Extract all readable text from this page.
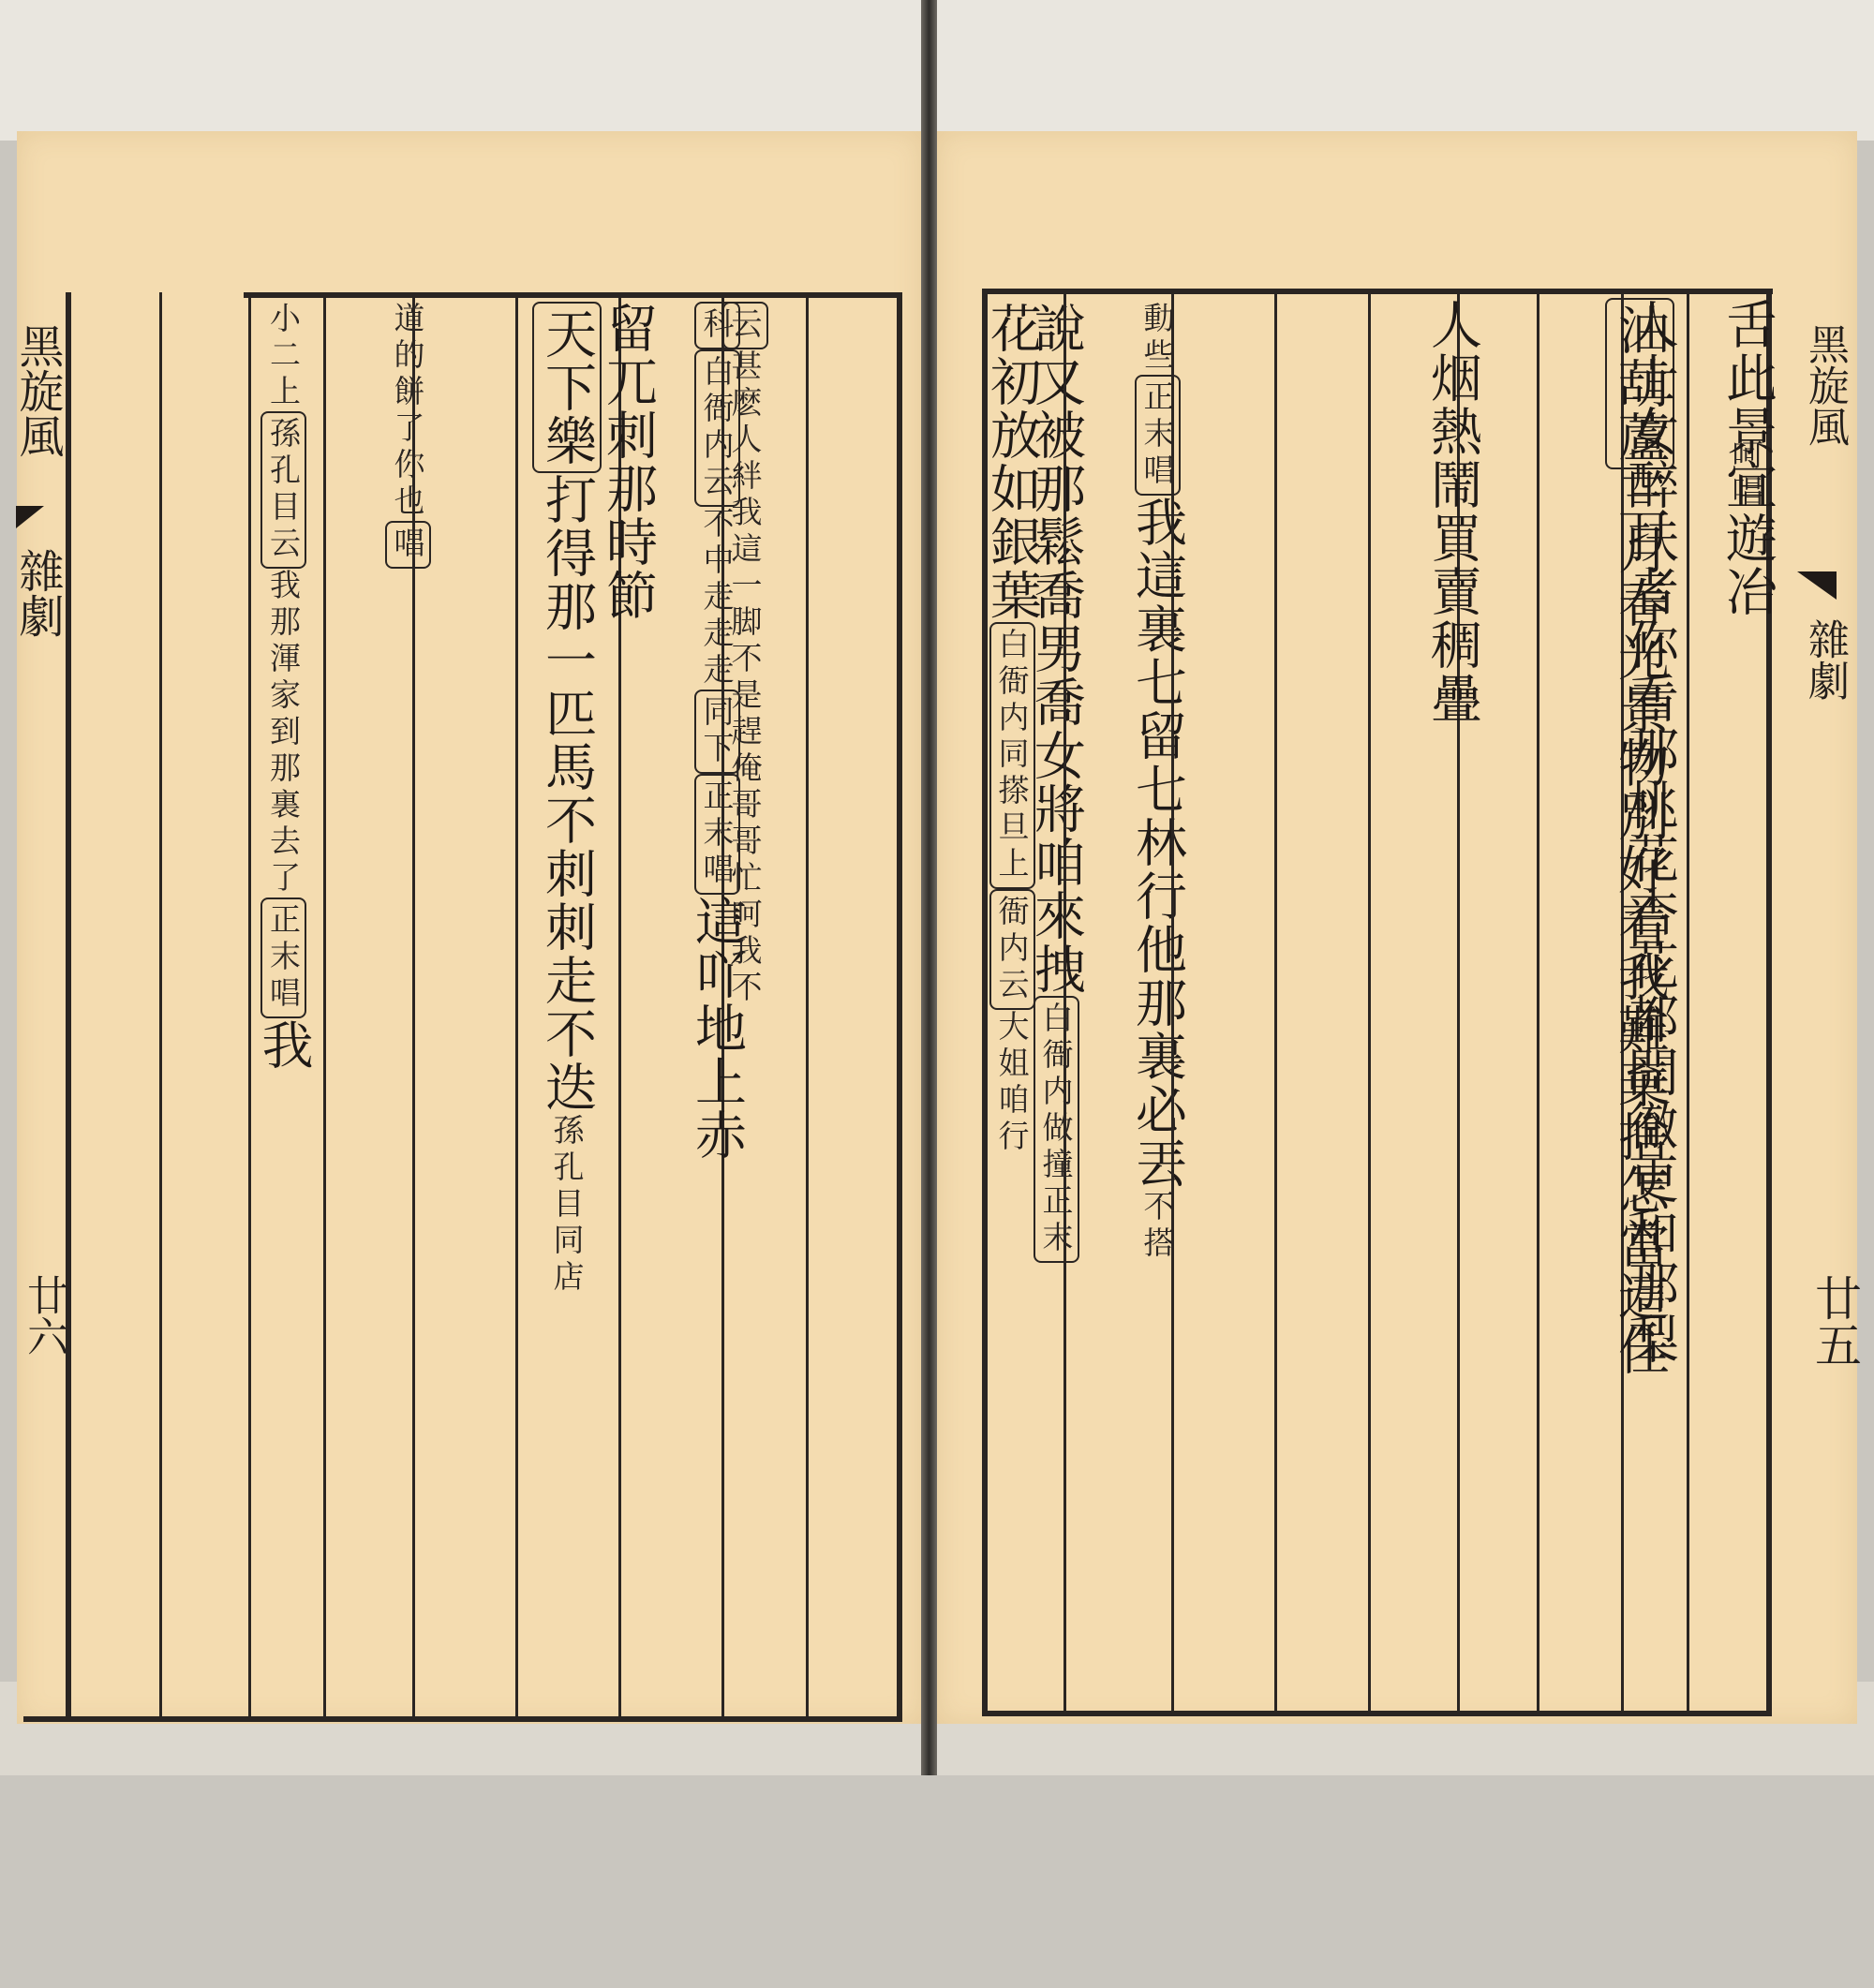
黑旋風
雜劇
廿六
花初放如銀葉
白衙内同搽旦上
衙内云
大姐咱行
動些
正末唱
我這裏七留七林行他那裏必丟
不搭
說又被那鬆喬男喬女將咱來拽
白衙内做撞正末
科
白衙内云
不中走走走
同下
正末唱
這吖地上赤
留兀刺那時節 云
甚麽人絆我這一脚不是趕俺哥哥忙呵我不
道的餅了你也
唱
天下樂
打得那一匹馬不刺刺走不迭
孫孔目同店
小二上
孫孔目云
我那渾家到那裏去了
正末唱
我
黑旋風
雜劇
廿五
呵唱
舌此景宜遊冶
人烟熱鬧買賣稠疊 油葫蘆
三月春光景物別好着我難棄捨怎當這佳
人士女醉扶者你看那桃花杏花都開徹更和那梨
